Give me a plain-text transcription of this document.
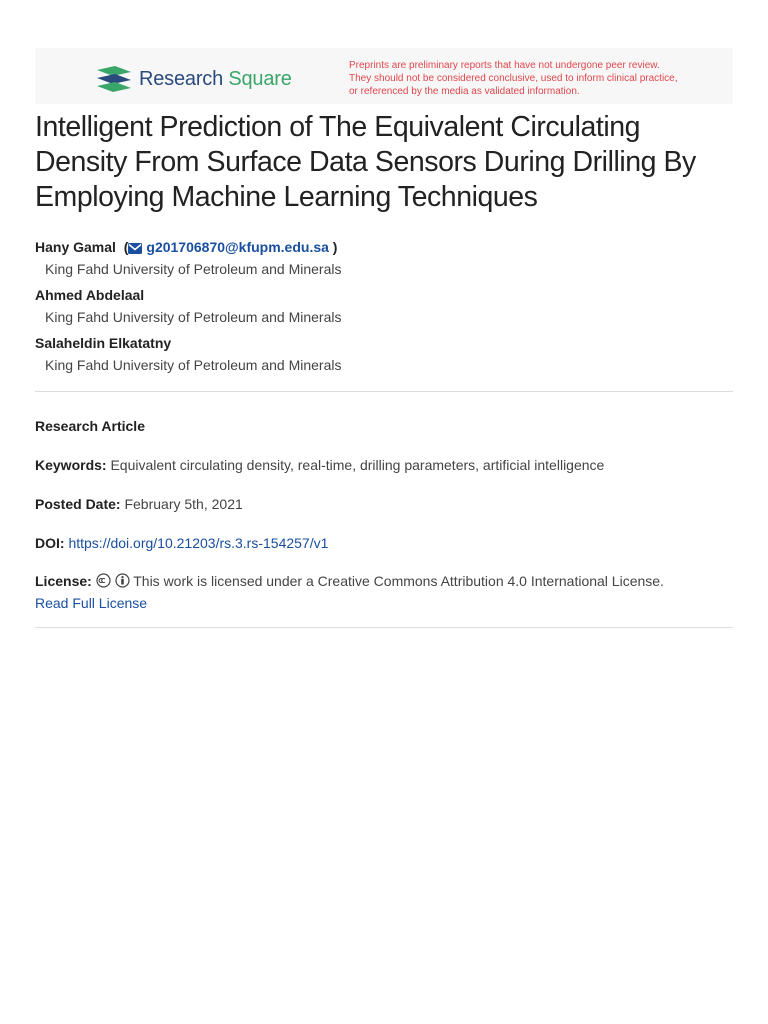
Research Square
Preprints are preliminary reports that have not undergone peer review.
They should not be considered conclusive, used to inform clinical practice,
or referenced by the media as validated information.
Intelligent Prediction of The Equivalent Circulating Density From Surface Data Sensors During Drilling By Employing Machine Learning Techniques
Hany Gamal  ( g201706870@kfupm.edu.sa )
King Fahd University of Petroleum and Minerals
Ahmed Abdelaal
King Fahd University of Petroleum and Minerals
Salaheldin Elkatatny
King Fahd University of Petroleum and Minerals
Research Article
Keywords: Equivalent circulating density, real-time, drilling parameters, artificial intelligence
Posted Date: February 5th, 2021
DOI: https://doi.org/10.21203/rs.3.rs-154257/v1
License:	This work is licensed under a Creative Commons Attribution 4.0 International License.
Read Full License
